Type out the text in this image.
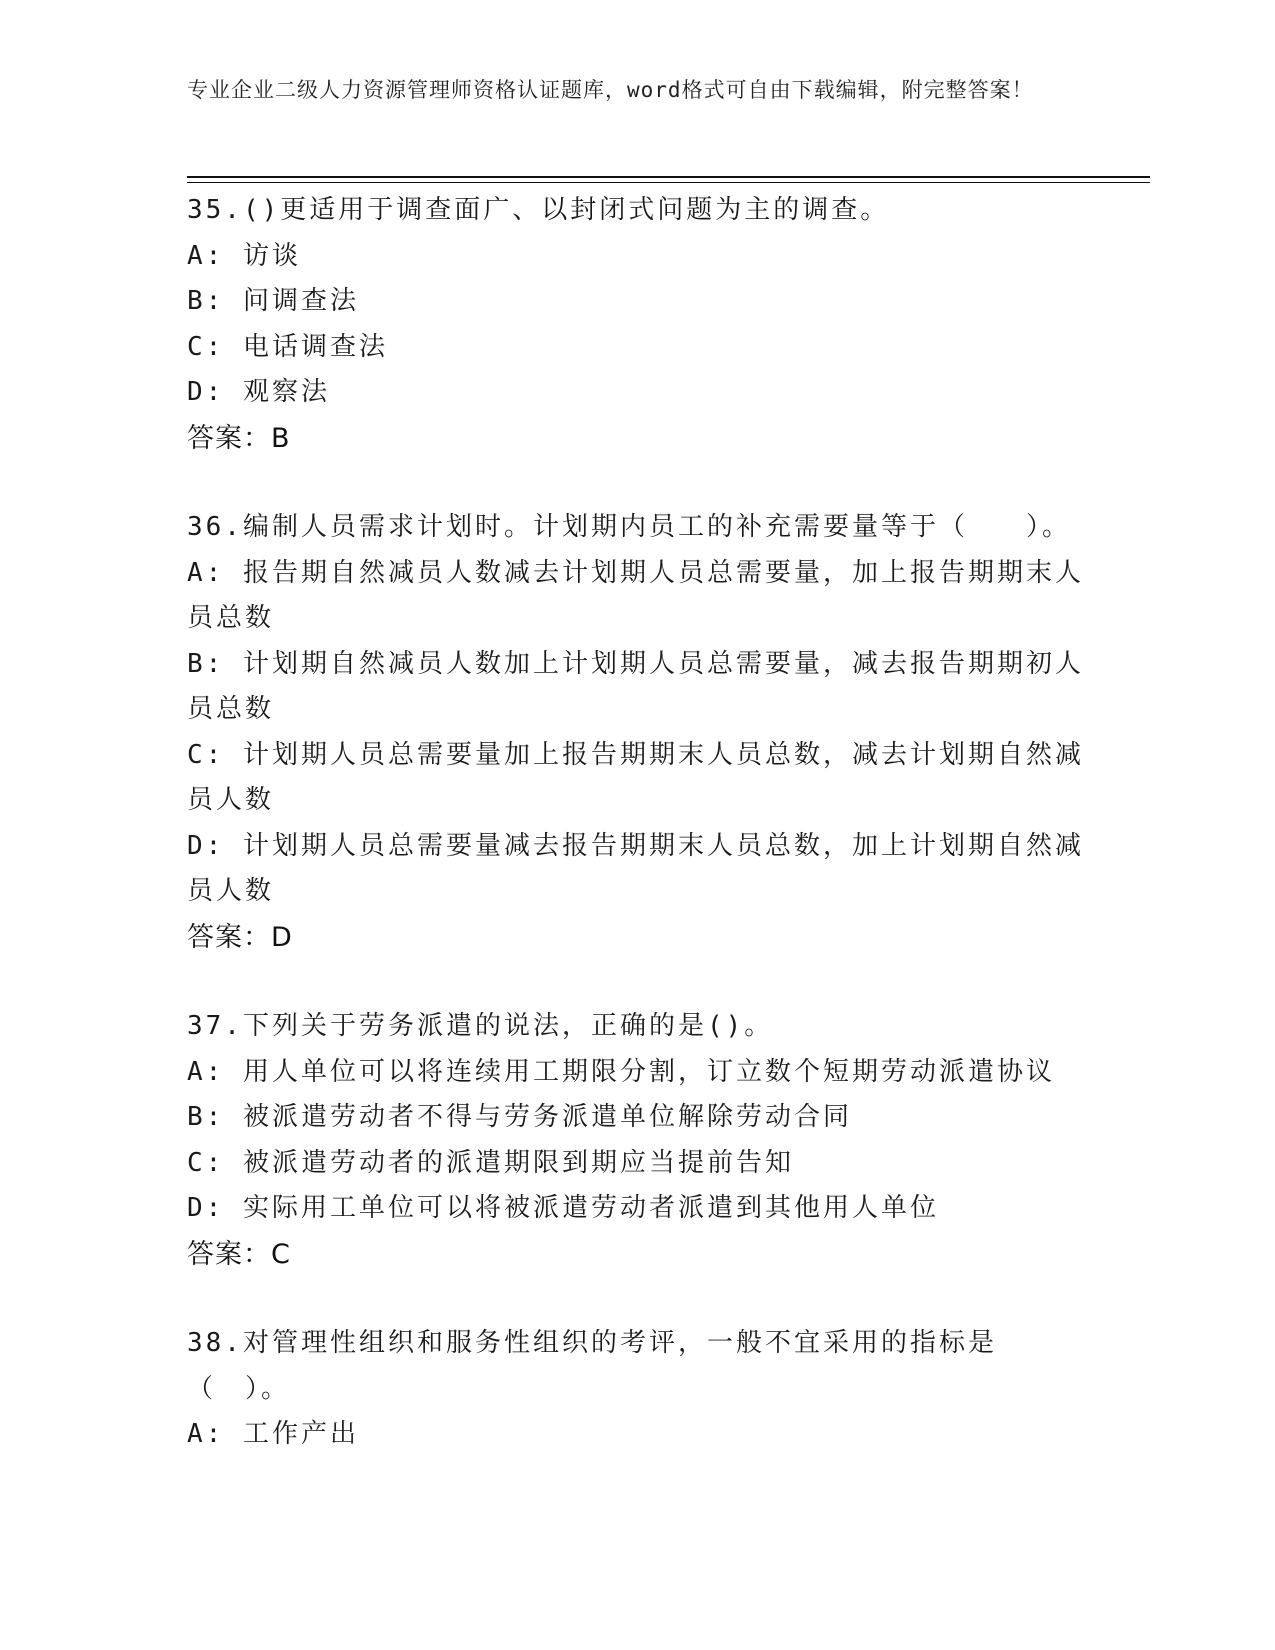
专业企业二级人力资源管理师资格认证题库，word格式可自由下载编辑，附完整答案！
35.()更适用于调查面广、以封闭式问题为主的调查。
A: 访谈
B: 问调查法
C: 电话调查法
D: 观察法
答案：B
36.编制人员需求计划时。计划期内员工的补充需要量等于（　　）。
A: 报告期自然减员人数减去计划期人员总需要量，加上报告期期末人员总数
B: 计划期自然减员人数加上计划期人员总需要量，减去报告期期初人员总数
C: 计划期人员总需要量加上报告期期末人员总数，减去计划期自然减员人数
D: 计划期人员总需要量减去报告期期末人员总数，加上计划期自然减员人数
答案：D
37.下列关于劳务派遣的说法，正确的是()。
A: 用人单位可以将连续用工期限分割，订立数个短期劳动派遣协议
B: 被派遣劳动者不得与劳务派遣单位解除劳动合同
C: 被派遣劳动者的派遣期限到期应当提前告知
D: 实际用工单位可以将被派遣劳动者派遣到其他用人单位
答案：C
38.对管理性组织和服务性组织的考评，一般不宜采用的指标是（　）。
A: 工作产出
